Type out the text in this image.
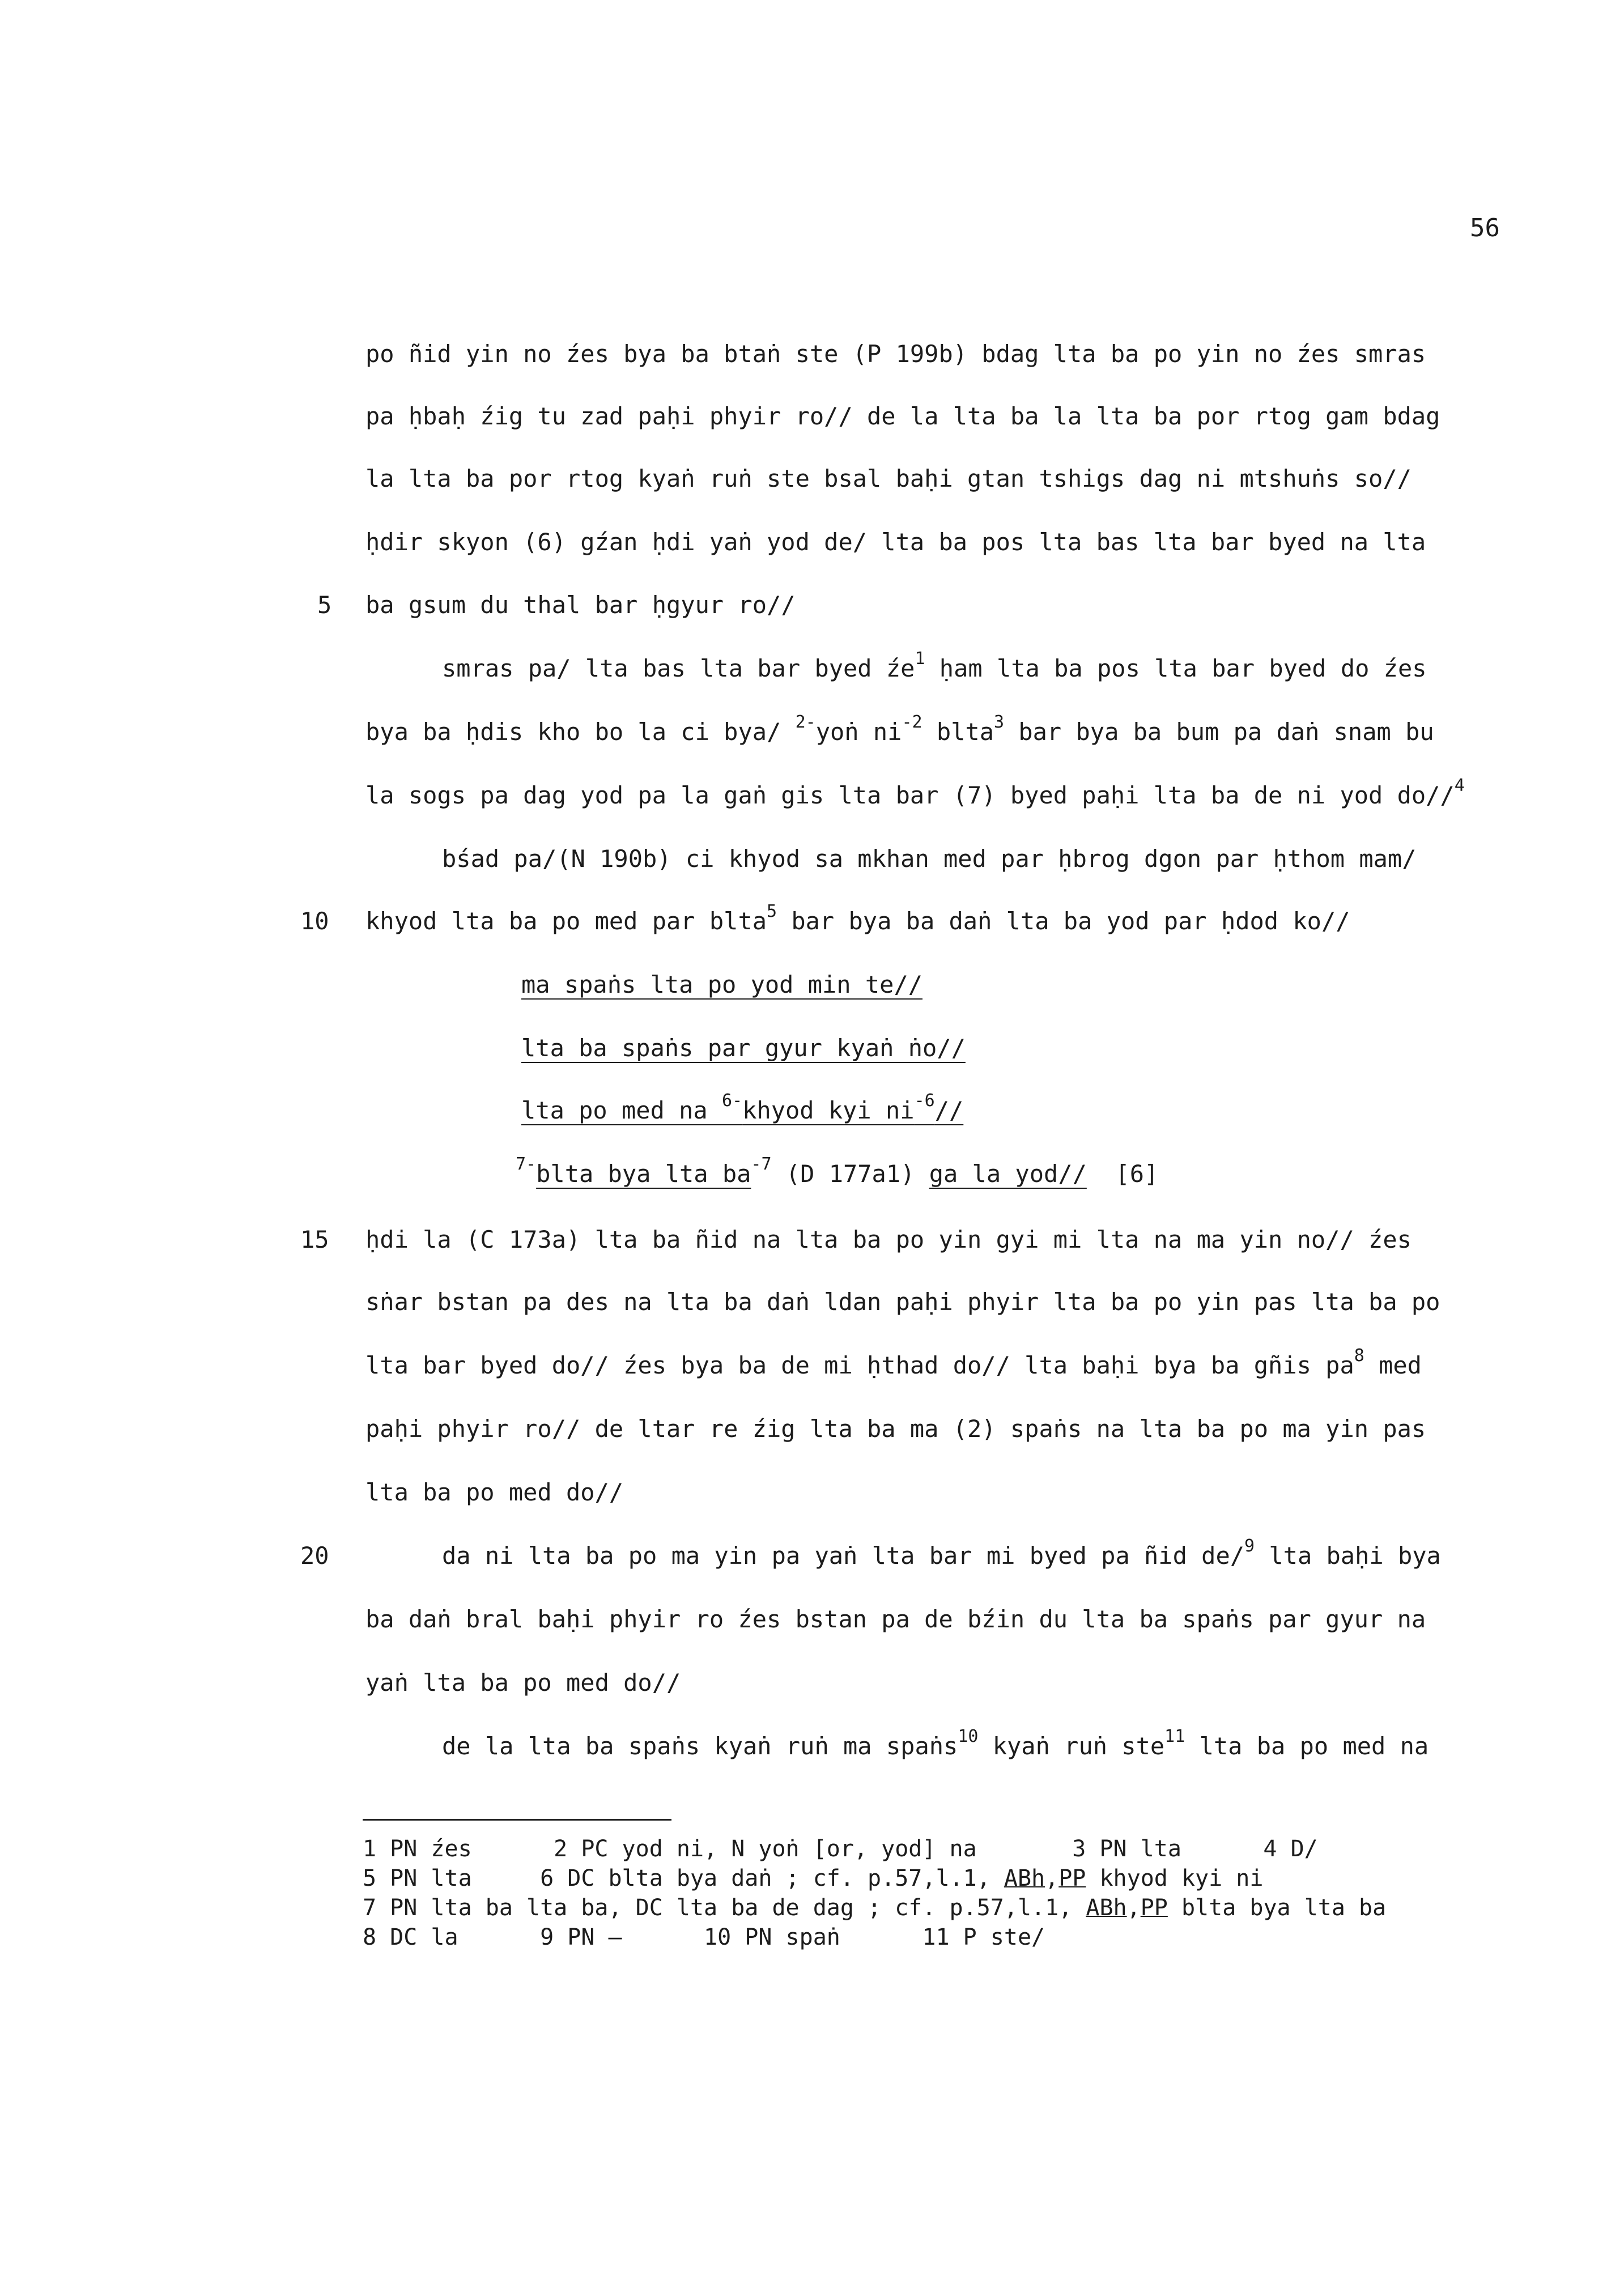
56
5
10
15
20
po ñid yin no źes bya ba btaṅ ste (P 199b) bdag lta ba po yin no źes smras
pa ḥbaḥ źig tu zad paḥi phyir ro// de la lta ba la lta ba por rtog gam bdag
la lta ba por rtog kyaṅ ruṅ ste bsal baḥi gtan tshigs dag ni mtshuṅs so//
ḥdir skyon (6) gźan ḥdi yaṅ yod de/ lta ba pos lta bas lta bar byed na lta
ba gsum du thal bar ḥgyur ro//
smras pa/ lta bas lta bar byed $źe^1$ ḥam lta ba pos lta bar byed do źes
bya ba ḥdis kho bo la ci bya/ $^{2-}$yoṅ $ni^{-2}$ blta$^3$ bar bya ba bum pa daṅ snam bu
la sogs pa dag yod pa la gaṅ gis lta bar (7) byed paḥi lta ba de ni yod do//$^4$
bśad pa/(N 190b) ci khyod sa mkhan med par ḥbrog dgon par ḥthom mam/
khyod lta ba po med par blta$^5$ bar bya ba daṅ lta ba yod par ḥdod ko//
ma spaṅs lta po yod min te//
lta ba spaṅs par gyur kyaṅ ṅo//
lta po med na $^{6-}$khyod kyi $ni^{-6}//$
$^{7-}$blta bya lta $ba^{-7}$ (D 177a1) ga la yod//  [6]
ḥdi la (C 173a) lta ba ñid na lta ba po yin gyi mi lta na ma yin no// źes
sṅar bstan pa des na lta ba daṅ ldan paḥi phyir lta ba po yin pas lta ba po
lta bar byed do// źes bya ba de mi ḥthad do// lta baḥi bya ba gñis $pa^8$ med
paḥi phyir ro// de ltar re źig lta ba ma (2) spaṅs na lta ba po ma yin pas
lta ba po med do//
da ni lta ba po ma yin pa yaṅ lta bar mi byed pa ñid de/$^9$ lta baḥi bya
ba daṅ bral baḥi phyir ro źes bstan pa de bźin du lta ba spaṅs par gyur na
yaṅ lta ba po med do//
de la lta ba spaṅs kyaṅ ruṅ ma spaṅs$^{10}$ kyaṅ ruṅ ste$^{11}$ lta ba po med na
1 PN źes      2 PC yod ni, N yoṅ [or, yod] na       3 PN lta      4 D/
5 PN lta     6 DC blta bya daṅ ; cf. p.57,l.1, ABh,PP khyod kyi ni
7 PN lta ba lta ba, DC lta ba de dag ; cf. p.57,l.1, ABh,PP blta bya lta ba
8 DC la      9 PN —      10 PN spaṅ      11 P ste/
